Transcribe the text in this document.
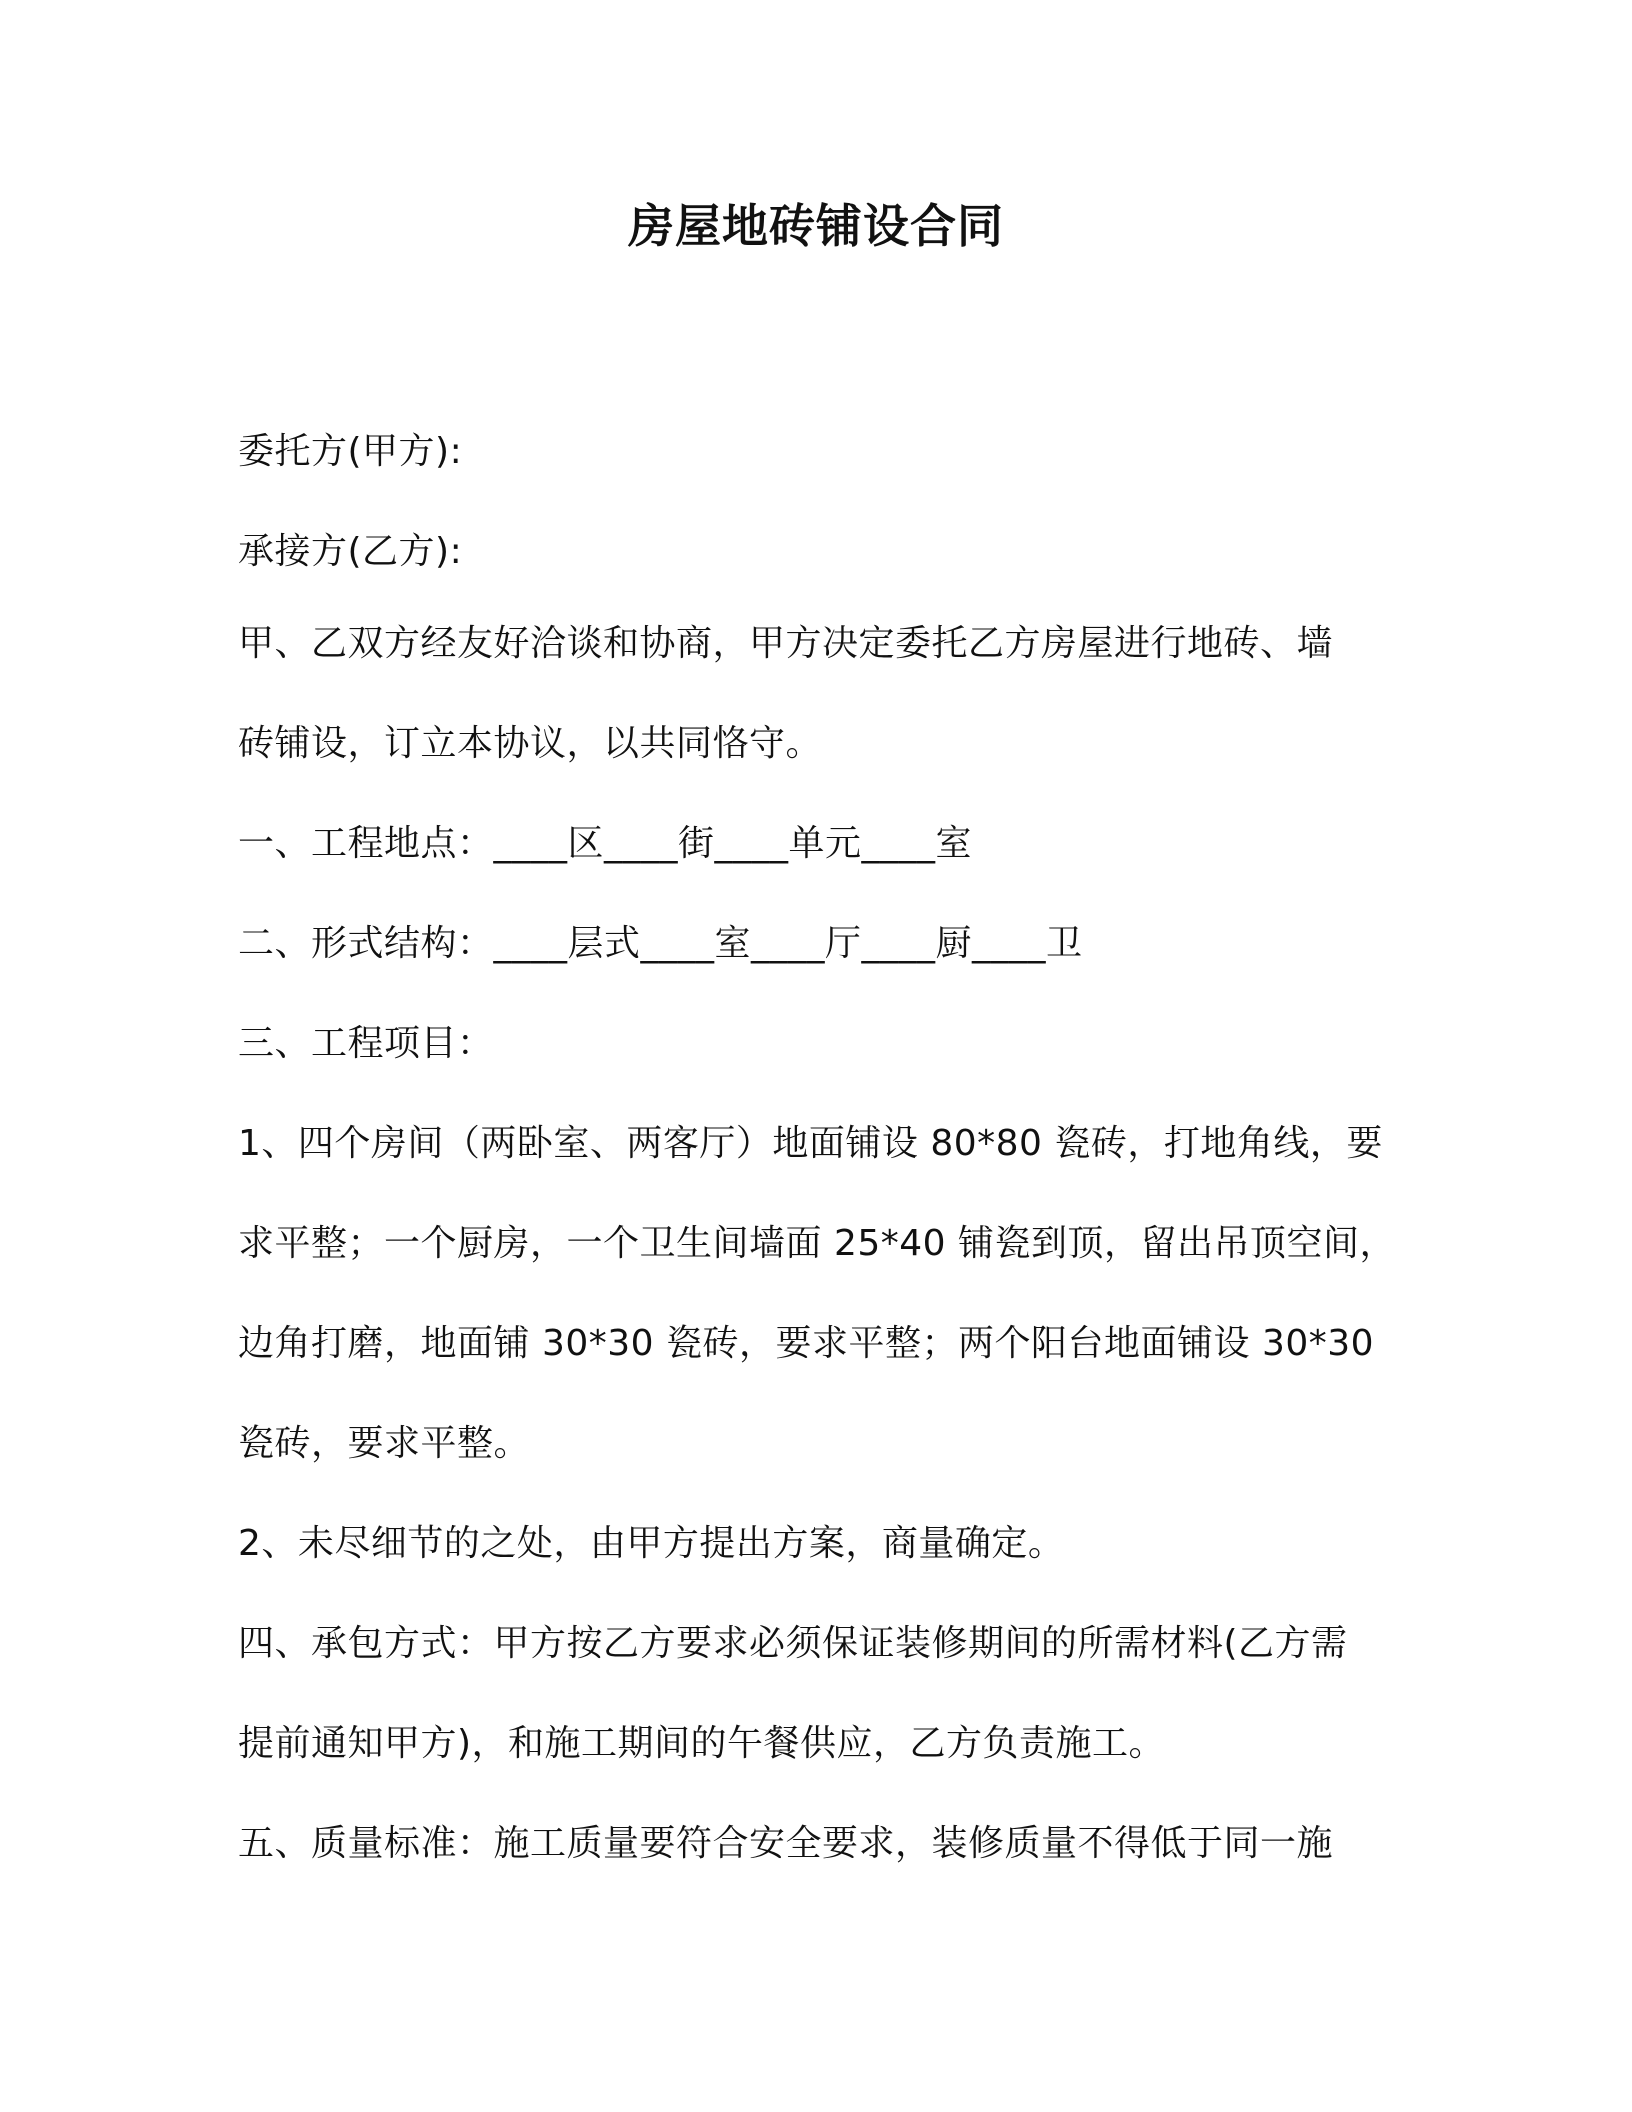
房屋地砖铺设合同
委托方(甲方):
承接方(乙方):
甲、乙双方经友好洽谈和协商，甲方决定委托乙方房屋进行地砖、墙
砖铺设，订立本协议，以共同恪守。
一、工程地点：____区____街____单元____室
二、形式结构：____层式____室____厅____厨____卫
三、工程项目：
1、四个房间（两卧室、两客厅）地面铺设 80*80 瓷砖，打地角线，要
求平整；一个厨房，一个卫生间墙面 25*40 铺瓷到顶，留出吊顶空间，
边角打磨，地面铺 30*30 瓷砖，要求平整；两个阳台地面铺设 30*30
瓷砖，要求平整。
2、未尽细节的之处，由甲方提出方案，商量确定。
四、承包方式：甲方按乙方要求必须保证装修期间的所需材料(乙方需
提前通知甲方)，和施工期间的午餐供应，乙方负责施工。
五、质量标准：施工质量要符合安全要求，装修质量不得低于同一施
